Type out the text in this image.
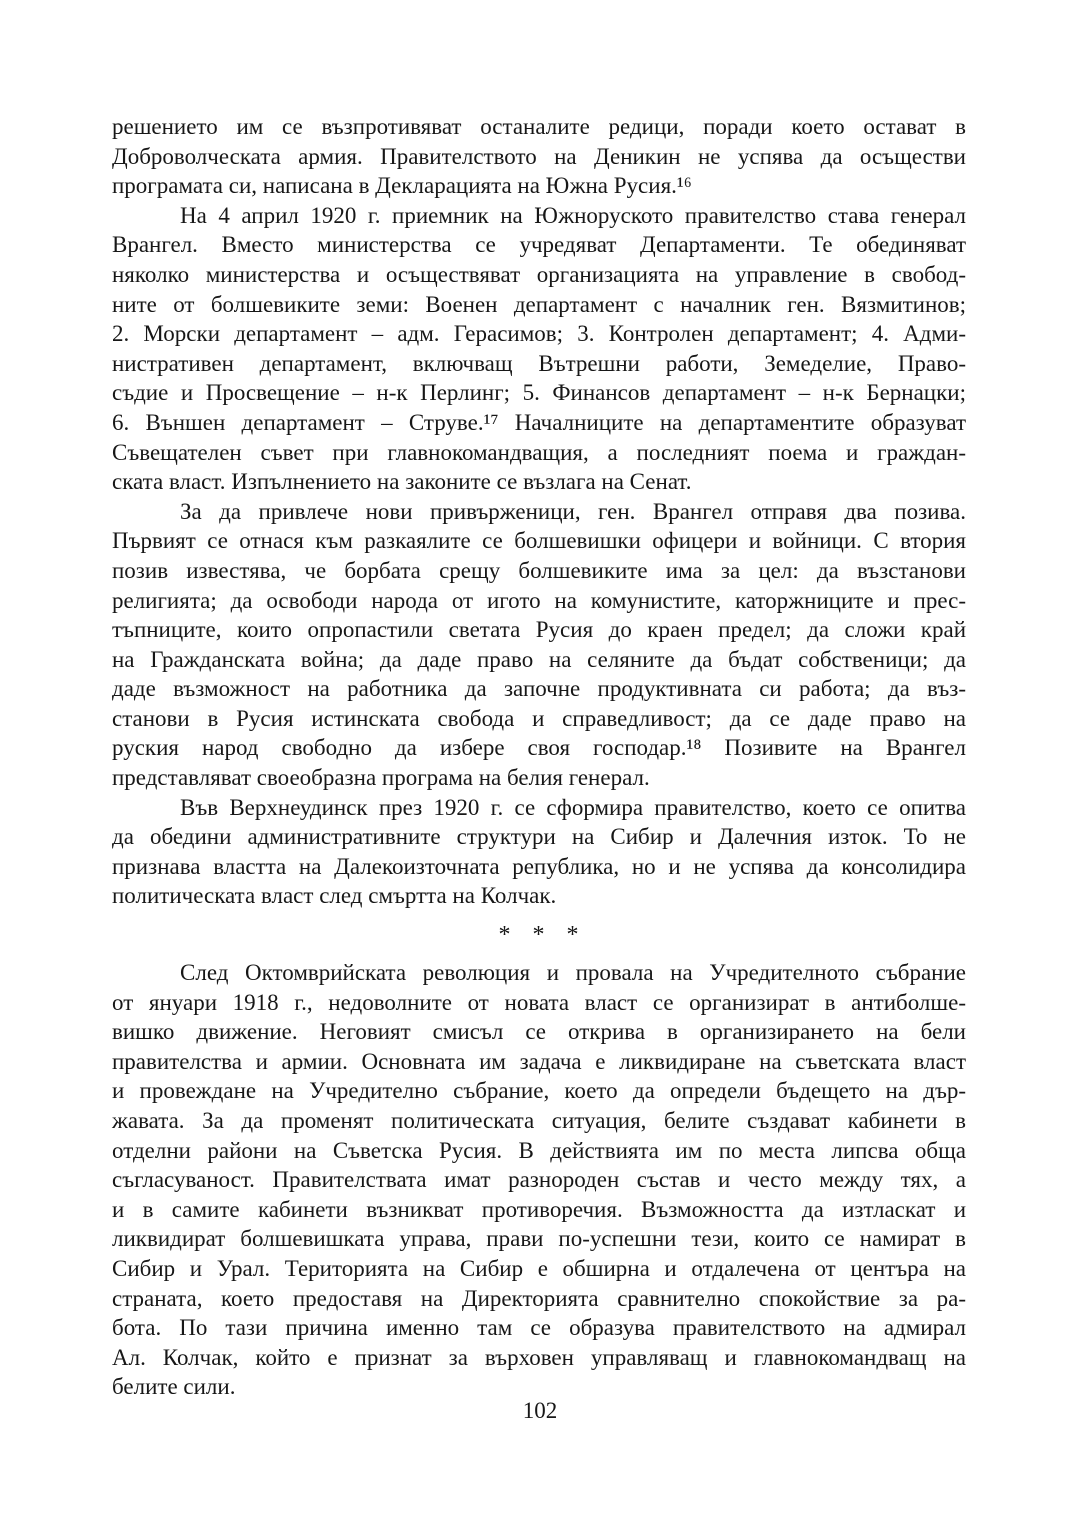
решението им се възпротивяват останалите редици, поради което остават в
Доброволческата армия. Правителството на Деникин не успява да осъществи
програмата си, написана в Декларацията на Южна Русия.¹⁶
На 4 април 1920 г. приемник на Южноруското правителство става генерал
Врангел. Вместо министерства се учредяват Департаменти. Те обединяват
няколко министерства и осъществяват организацията на управление в свобод-
ните от болшевиките земи: Военен департамент с началник ген. Вязмитинов;
2. Морски департамент – адм. Герасимов; 3. Контролен департамент; 4. Адми-
нистративен департамент, включващ Вътрешни работи, Земеделие, Право-
съдие и Просвещение – н-к Перлинг; 5. Финансов департамент – н-к Бернацки;
6. Външен департамент – Струве.¹⁷ Началниците на департаментите образуват
Съвещателен съвет при главнокомандващия, а последният поема и граждан-
ската власт. Изпълнението на законите се възлага на Сенат.
За да привлече нови привърженици, ген. Врангел отправя два позива.
Първият се отнася към разкаялите се болшевишки офицери и войници. С втория
позив известява, че борбата срещу болшевиките има за цел: да възстанови
религията; да освободи народа от игото на комунистите, каторжниците и прес-
тъпниците, които опропастили светата Русия до краен предел; да сложи край
на Гражданската война; да даде право на селяните да бъдат собственици; да
даде възможност на работника да започне продуктивната си работа; да въз-
станови в Русия истинската свобода и справедливост; да се даде право на
руския народ свободно да избере своя господар.¹⁸ Позивите на Врангел
представляват своеобразна програма на белия генерал.
Във Верхнеудинск през 1920 г. се сформира правителство, което се опитва
да обедини административните структури на Сибир и Далечния изток. То не
признава властта на Далекоизточната република, но и не успява да консолидира
политическата власт след смъртта на Колчак.
* * *
След Октомврийската революция и провала на Учредителното събрание
от януари 1918 г., недоволните от новата власт се организират в антиболше-
вишко движение. Неговият смисъл се открива в организирането на бели
правителства и армии. Основната им задача е ликвидиране на съветската власт
и провеждане на Учредително събрание, което да определи бъдещето на дър-
жавата. За да променят политическата ситуация, белите създават кабинети в
отделни райони на Съветска Русия. В действията им по места липсва обща
съгласуваност. Правителствата имат разнороден състав и често между тях, а
и в самите кабинети възникват противоречия. Възможността да изтласкат и
ликвидират болшевишката управа, прави по-успешни тези, които се намират в
Сибир и Урал. Територията на Сибир е обширна и отдалечена от центъра на
страната, което предоставя на Директорията сравнително спокойствие за ра-
бота. По тази причина именно там се образува правителството на адмирал
Ал. Колчак, който е признат за върховен управляващ и главнокомандващ на
белите сили.
102
